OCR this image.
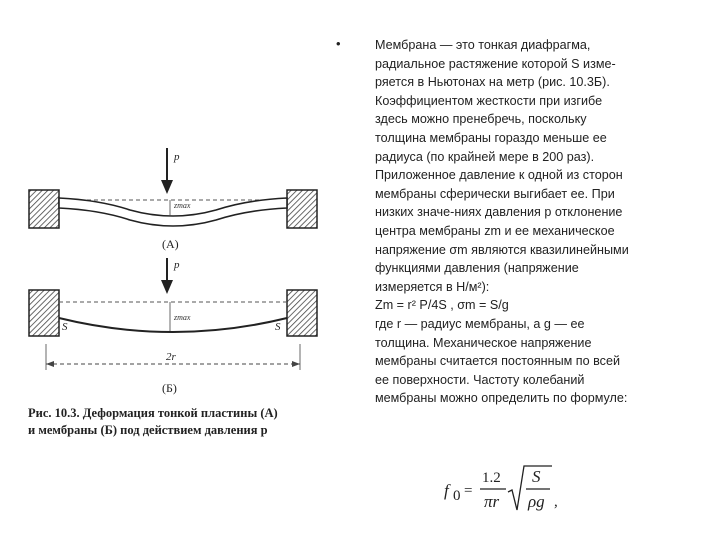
p
zmax
(А)
p
zmax
S	S
2r
(Б)
Рис. 10.3. Деформация тонкой пластины (А)
и мембраны (Б) под действием давления p
•	Мембрана — это тонкая диафрагма,
радиальное растяжение которой S изме-
ряется в Ньютонах на метр (рис. 10.3Б).
Коэффициентом жесткости при изгибе
здесь можно пренебречь, поскольку
толщина мембраны гораздо меньше ее
радиуса (по крайней мере в 200 раз).
Приложенное давление к одной из сторон
мембраны сферически выгибает ее. При
низких значе-ниях давления p отклонение
центра мембраны zm и ее механическое
напряжение σm являются квазилинейными
функциями давления (напряжение
измеряется в Н/м²):
Zm = r² P/4S , σm = S/g
где r — радиус мембраны, a g — ее
толщина. Механическое напряжение
мембраны считается постоянным по всей
ее поверхности. Частоту колебаний
мембраны можно определить по формуле:
f 0 =
1.2
πr
S
ρg ,
